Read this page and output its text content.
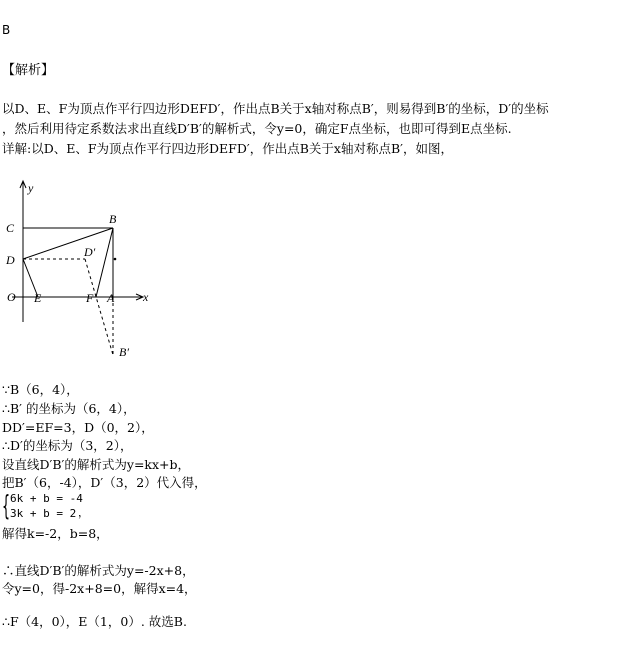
B
【解析】
以D、E、F为顶点作平行四边形DEFD′，作出点B关于x轴对称点B′，则易得到B′的坐标，D′的坐标
，然后利用待定系数法求出直线D′B′的解析式，令y=0，确定F点坐标，也即可得到E点坐标.
详解:以D、E、F为顶点作平行四边形DEFD′，作出点B关于x轴对称点B′，如图，
y
x
C
B
D
D′
O E	F A
B′
∵B（6，4），
∴B′ 的坐标为（6，4），
DD′=EF=3，D（0，2），
∴D′的坐标为（3，2），
设直线D′B′的解析式为y=kx+b，
把B′（6，-4），D′（3，2）代入得，
{ 6k + b = -4
3k + b = 2 ，
解得k=-2，b=8，
∴直线D′B′的解析式为y=-2x+8，
令y=0，得-2x+8=0，解得x=4，
∴F（4，0），E（1，0）. 故选B.
